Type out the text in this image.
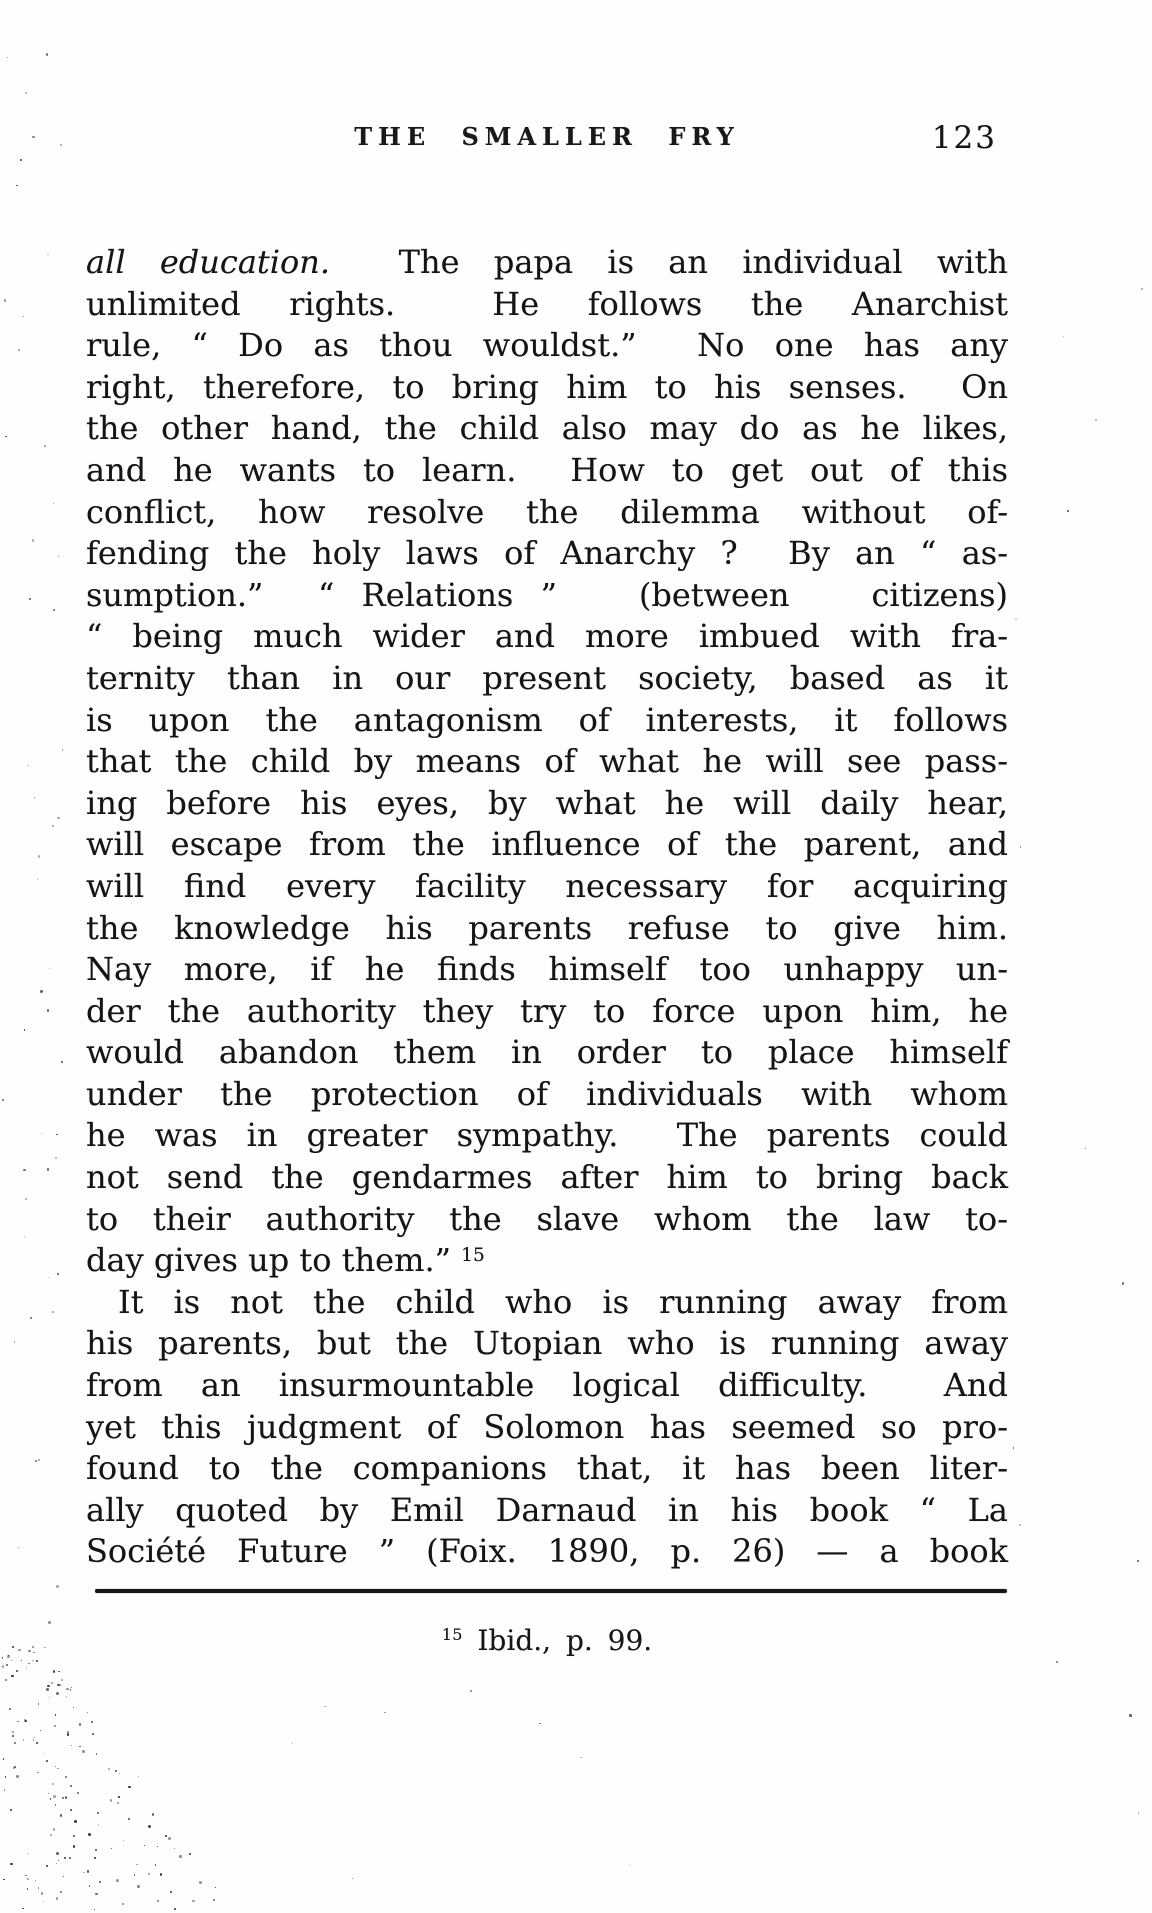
THE SMALLER FRY	123
all education.  The papa is an individual with
unlimited rights.  He follows the Anarchist
rule, “ Do as thou wouldst.”  No one has any
right, therefore, to bring him to his senses.  On
the other hand, the child also may do as he likes,
and he wants to learn.  How to get out of this
conflict, how resolve the dilemma without of-
fending the holy laws of Anarchy ?  By an “ as-
sumption.”  “ Relations ”   (between   citizens)
“ being much wider and more imbued with fra-
ternity than in our present society, based as it
is upon the antagonism of interests, it follows
that the child by means of what he will see pass-
ing before his eyes, by what he will daily hear,
will escape from the influence of the parent, and
will find every facility necessary for acquiring
the knowledge his parents refuse to give him.
Nay more, if he finds himself too unhappy un-
der the authority they try to force upon him, he
would abandon them in order to place himself
under the protection of individuals with whom
he was in greater sympathy.  The parents could
not send the gendarmes after him to bring back
to their authority the slave whom the law to-
day gives up to them.” $^{15}$
It is not the child who is running away from
his parents, but the Utopian who is running away
from an insurmountable logical difficulty.  And
yet this judgment of Solomon has seemed so pro-
found to the companions that, it has been liter-
ally quoted by Emil Darnaud in his book “ La
Société Future ” (Foix. 1890, p. 26) — a book
$^{15}$ Ibid., p. 99.
